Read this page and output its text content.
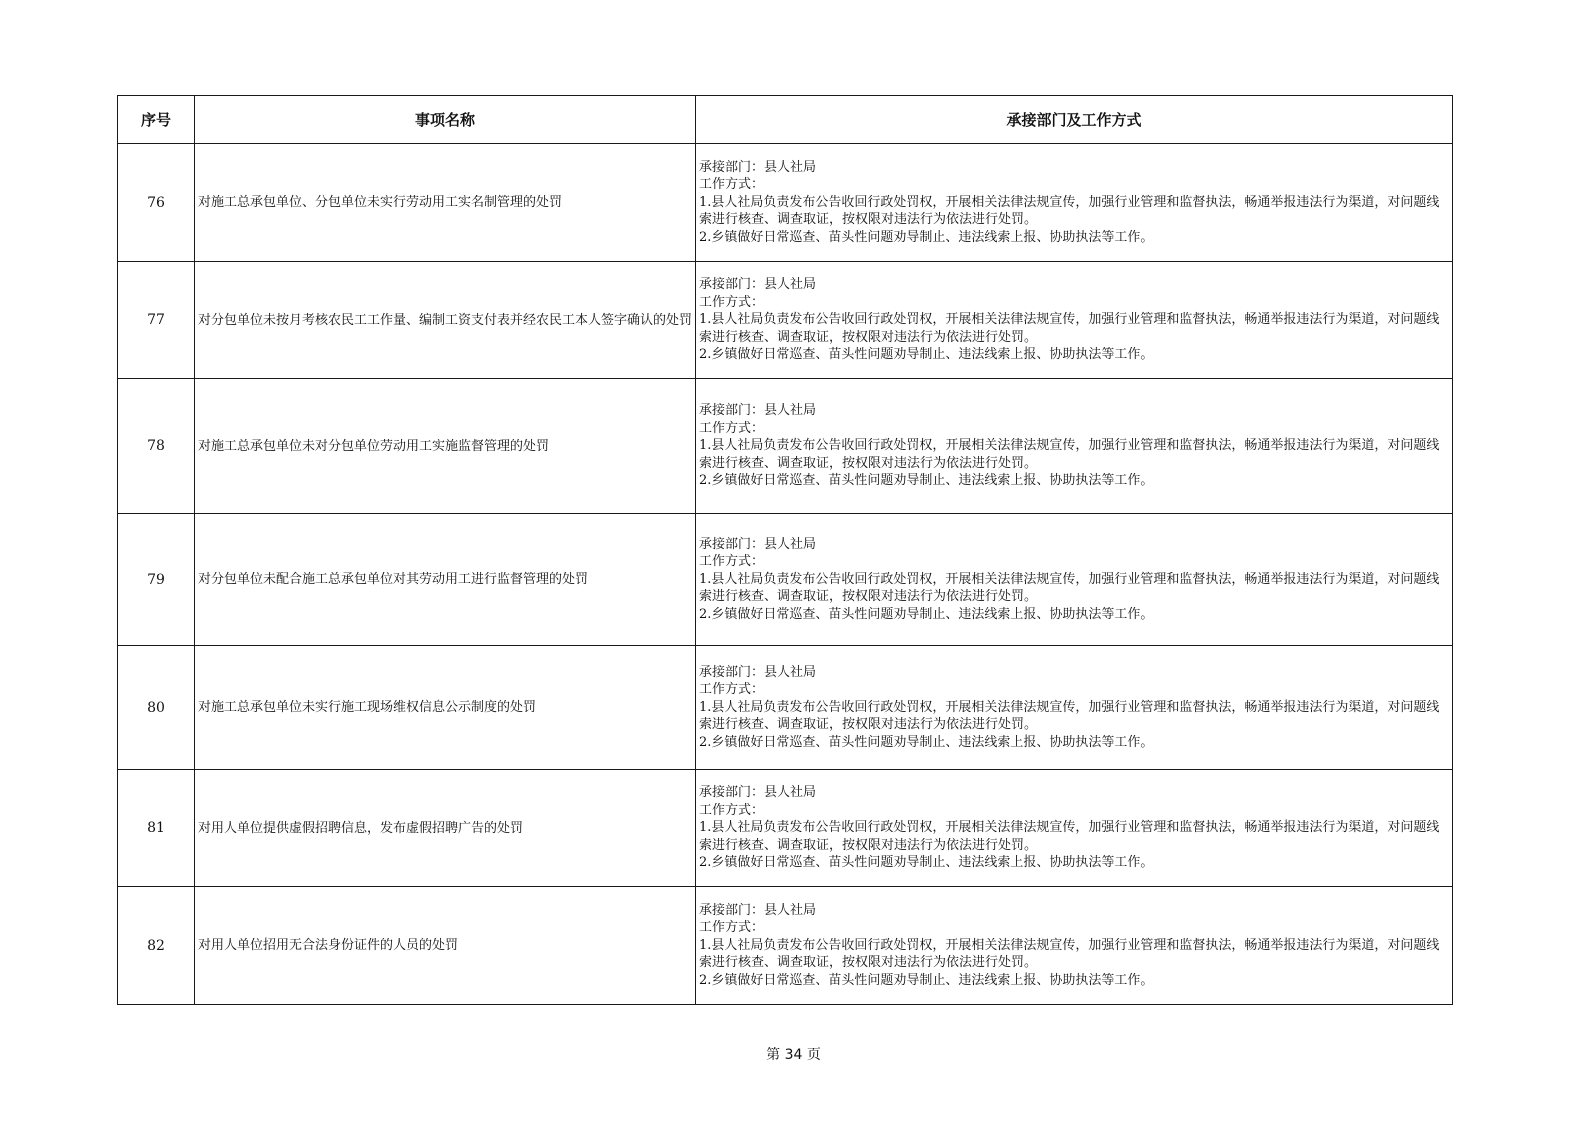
序号	事项名称	承接部门及工作方式
76	对施工总承包单位、分包单位未实行劳动用工实名制管理的处罚	承接部门：县人社局
工作方式：
1.县人社局负责发布公告收回行政处罚权，开展相关法律法规宣传，加强行业管理和监督执法，畅通举报违法行为渠道，对问题线索进行核查、调查取证，按权限对违法行为依法进行处罚。
2.乡镇做好日常巡查、苗头性问题劝导制止、违法线索上报、协助执法等工作。

77	对分包单位未按月考核农民工工作量、编制工资支付表并经农民工本人签字确认的处罚	承接部门：县人社局
工作方式：
1.县人社局负责发布公告收回行政处罚权，开展相关法律法规宣传，加强行业管理和监督执法，畅通举报违法行为渠道，对问题线索进行核查、调查取证，按权限对违法行为依法进行处罚。
2.乡镇做好日常巡查、苗头性问题劝导制止、违法线索上报、协助执法等工作。

78	对施工总承包单位未对分包单位劳动用工实施监督管理的处罚	承接部门：县人社局
工作方式：
1.县人社局负责发布公告收回行政处罚权，开展相关法律法规宣传，加强行业管理和监督执法，畅通举报违法行为渠道，对问题线索进行核查、调查取证，按权限对违法行为依法进行处罚。
2.乡镇做好日常巡查、苗头性问题劝导制止、违法线索上报、协助执法等工作。

79	对分包单位未配合施工总承包单位对其劳动用工进行监督管理的处罚	承接部门：县人社局
工作方式：
1.县人社局负责发布公告收回行政处罚权，开展相关法律法规宣传，加强行业管理和监督执法，畅通举报违法行为渠道，对问题线索进行核查、调查取证，按权限对违法行为依法进行处罚。
2.乡镇做好日常巡查、苗头性问题劝导制止、违法线索上报、协助执法等工作。

80	对施工总承包单位未实行施工现场维权信息公示制度的处罚	承接部门：县人社局
工作方式：
1.县人社局负责发布公告收回行政处罚权，开展相关法律法规宣传，加强行业管理和监督执法，畅通举报违法行为渠道，对问题线索进行核查、调查取证，按权限对违法行为依法进行处罚。
2.乡镇做好日常巡查、苗头性问题劝导制止、违法线索上报、协助执法等工作。

81	对用人单位提供虚假招聘信息，发布虚假招聘广告的处罚	承接部门：县人社局
工作方式：
1.县人社局负责发布公告收回行政处罚权，开展相关法律法规宣传，加强行业管理和监督执法，畅通举报违法行为渠道，对问题线索进行核查、调查取证，按权限对违法行为依法进行处罚。
2.乡镇做好日常巡查、苗头性问题劝导制止、违法线索上报、协助执法等工作。

82	对用人单位招用无合法身份证件的人员的处罚	承接部门：县人社局
工作方式：
1.县人社局负责发布公告收回行政处罚权，开展相关法律法规宣传，加强行业管理和监督执法，畅通举报违法行为渠道，对问题线索进行核查、调查取证，按权限对违法行为依法进行处罚。
2.乡镇做好日常巡查、苗头性问题劝导制止、违法线索上报、协助执法等工作。
第 34 页
